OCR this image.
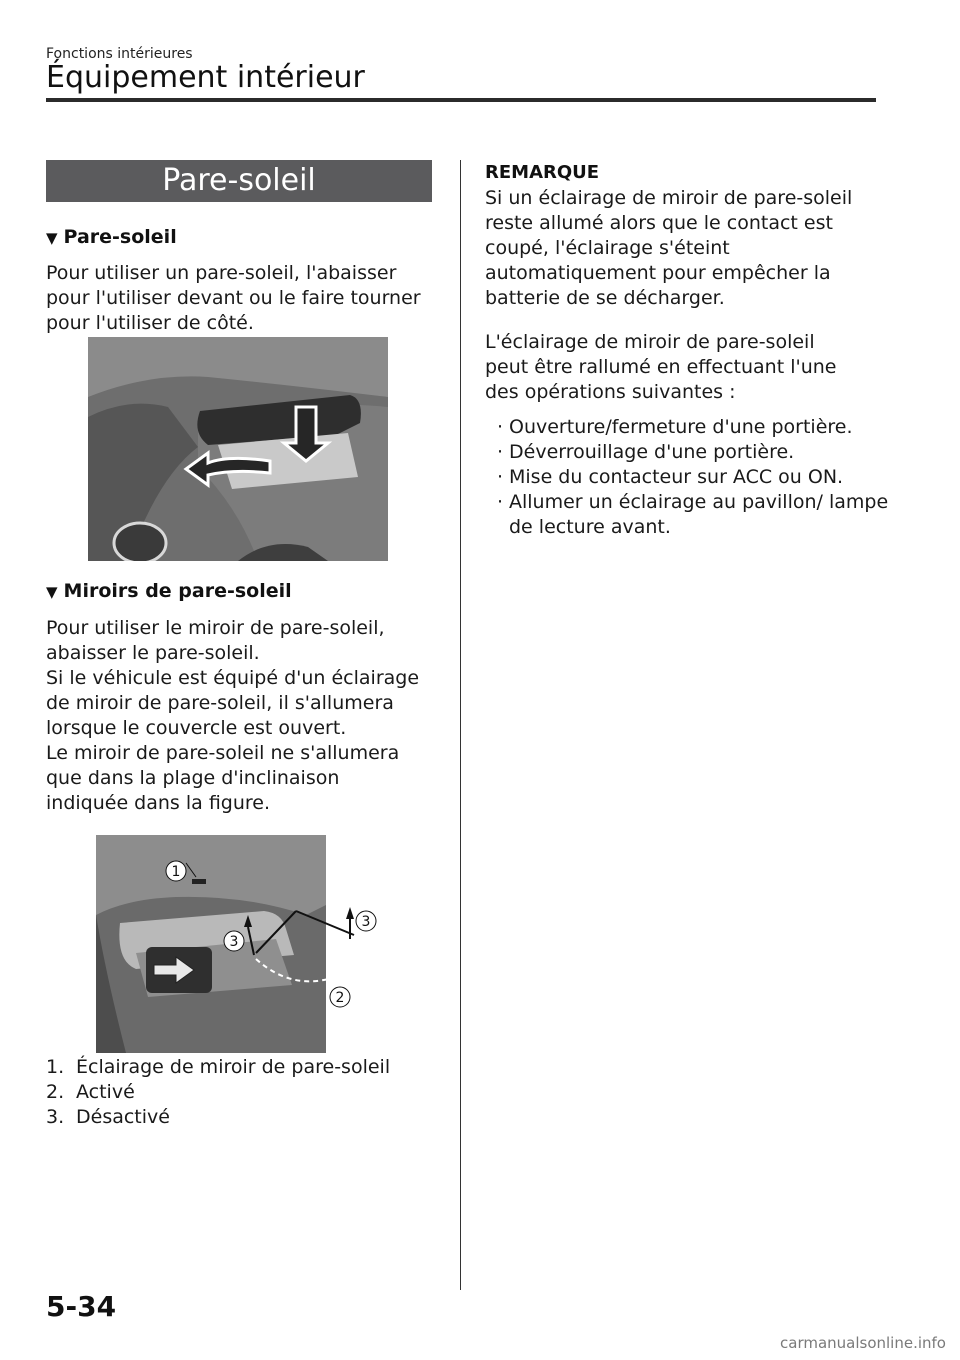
Fonctions intérieures
Équipement intérieur
Pare-soleil
▼ Pare-soleil
Pour utiliser un pare-soleil, l'abaisser pour l'utiliser devant ou le faire tourner pour l'utiliser de côté.
▼ Miroirs de pare-soleil
Pour utiliser le miroir de pare-soleil,
abaisser le pare-soleil.
Si le véhicule est équipé d'un éclairage
de miroir de pare-soleil, il s'allumera
lorsque le couvercle est ouvert.
Le miroir de pare-soleil ne s'allumera
que dans la plage d'inclinaison
indiquée dans la figure.
1
3
3
2
1. Éclairage de miroir de pare-soleil
2. Activé
3. Désactivé
REMARQUE
Si un éclairage de miroir de pare-soleil
reste allumé alors que le contact est
coupé, l'éclairage s'éteint
automatiquement pour empêcher la
batterie de se décharger.
L'éclairage de miroir de pare-soleil
peut être rallumé en effectuant l'une
des opérations suivantes :
· Ouverture/fermeture d'une portière.
· Déverrouillage d'une portière.
· Mise du contacteur sur ACC ou ON.
· Allumer un éclairage au pavillon/ lampe de lecture avant.
5-34
carmanualsonline.info
